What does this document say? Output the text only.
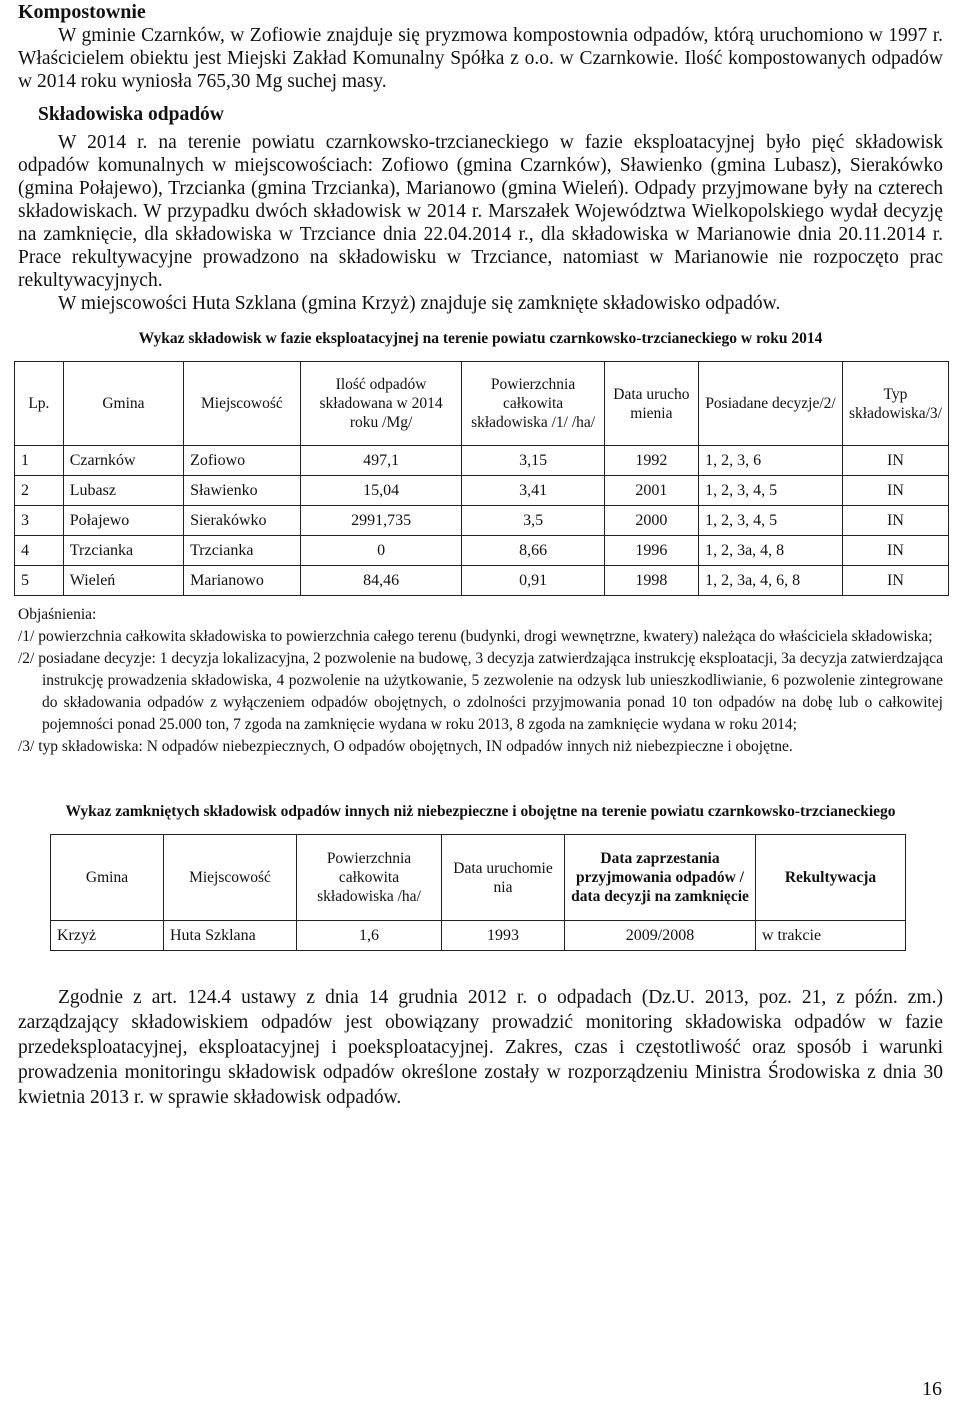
Kompostownie

W gminie Czarnków, w Zofiowie znajduje się pryzmowa kompostownia odpadów, którą uruchomiono w 1997 r. Właścicielem obiektu jest Miejski Zakład Komunalny Spółka z o.o. w Czarnkowie. Ilość kompostowanych odpadów w 2014 roku wyniosła 765,30 Mg suchej masy.

Składowiska odpadów

W 2014 r. na terenie powiatu czarnkowsko-trzcianeckiego w fazie eksploatacyjnej było pięć składowisk odpadów komunalnych w miejscowościach: Zofiowo (gmina Czarnków), Sławienko (gmina Lubasz), Sierakówko (gmina Połajewo), Trzcianka (gmina Trzcianka), Marianowo (gmina Wieleń). Odpady przyjmowane były na czterech składowiskach. W przypadku dwóch składowisk w 2014 r. Marszałek Województwa Wielkopolskiego wydał decyzję na zamknięcie, dla składowiska w Trzciance dnia 22.04.2014 r., dla składowiska w Marianowie dnia 20.11.2014 r. Prace rekultywacyjne prowadzono na składowisku w Trzciance, natomiast w Marianowie nie rozpoczęto prac rekultywacyjnych.

W miejscowości Huta Szklana (gmina Krzyż) znajduje się zamknięte składowisko odpadów.

Wykaz składowisk w fazie eksploatacyjnej na terenie powiatu czarnkowsko-trzcianeckiego w roku 2014
Lp.	Gmina	Miejscowość	Ilość odpadów składowana w 2014 roku /Mg/	Powierzchnia całkowita składowiska /1/ /ha/	Data urucho mienia	Posiadane decyzje/2/	Typ składowiska/3/
1	Czarnków	Zofiowo	497,1	3,15	1992	1, 2, 3, 6	IN
2	Lubasz	Sławienko	15,04	3,41	2001	1, 2, 3, 4, 5	IN
3	Połajewo	Sierakówko	2991,735	3,5	2000	1, 2, 3, 4, 5	IN
4	Trzcianka	Trzcianka	0	8,66	1996	1, 2, 3a, 4, 8	IN
5	Wieleń	Marianowo	84,46	0,91	1998	1, 2, 3a, 4, 6, 8	IN
Objaśnienia:
/1/ powierzchnia całkowita składowiska to powierzchnia całego terenu (budynki, drogi wewnętrzne, kwatery) należąca do właściciela składowiska;
/2/ posiadane decyzje: 1 decyzja lokalizacyjna, 2 pozwolenie na budowę, 3 decyzja zatwierdzająca instrukcję eksploatacji, 3a decyzja zatwierdzająca instrukcję prowadzenia składowiska, 4 pozwolenie na użytkowanie, 5 zezwolenie na odzysk lub unieszkodliwianie, 6 pozwolenie zintegrowane do składowania odpadów z wyłączeniem odpadów obojętnych, o zdolności przyjmowania ponad 10 ton odpadów na dobę lub o całkowitej pojemności ponad 25.000 ton, 7 zgoda na zamknięcie wydana w roku 2013, 8 zgoda na zamknięcie wydana w roku 2014;
/3/ typ składowiska: N odpadów niebezpiecznych, O odpadów obojętnych, IN odpadów innych niż niebezpieczne i obojętne.
Wykaz zamkniętych składowisk odpadów innych niż niebezpieczne i obojętne na terenie powiatu czarnkowsko-trzcianeckiego
Gmina	Miejscowość	Powierzchnia całkowita składowiska /ha/	Data uruchomie nia	Data zaprzestania przyjmowania odpadów / data decyzji na zamknięcie	Rekultywacja
Krzyż	Huta Szklana	1,6	1993	2009/2008	w trakcie

Zgodnie z art. 124.4 ustawy z dnia 14 grudnia 2012 r. o odpadach (Dz.U. 2013, poz. 21, z późn. zm.) zarządzający składowiskiem odpadów jest obowiązany prowadzić monitoring składowiska odpadów w fazie przedeksploatacyjnej, eksploatacyjnej i poeksploatacyjnej. Zakres, czas i częstotliwość oraz sposób i warunki prowadzenia monitoringu składowisk odpadów określone zostały w rozporządzeniu Ministra Środowiska z dnia 30 kwietnia 2013 r. w sprawie składowisk odpadów.

16
